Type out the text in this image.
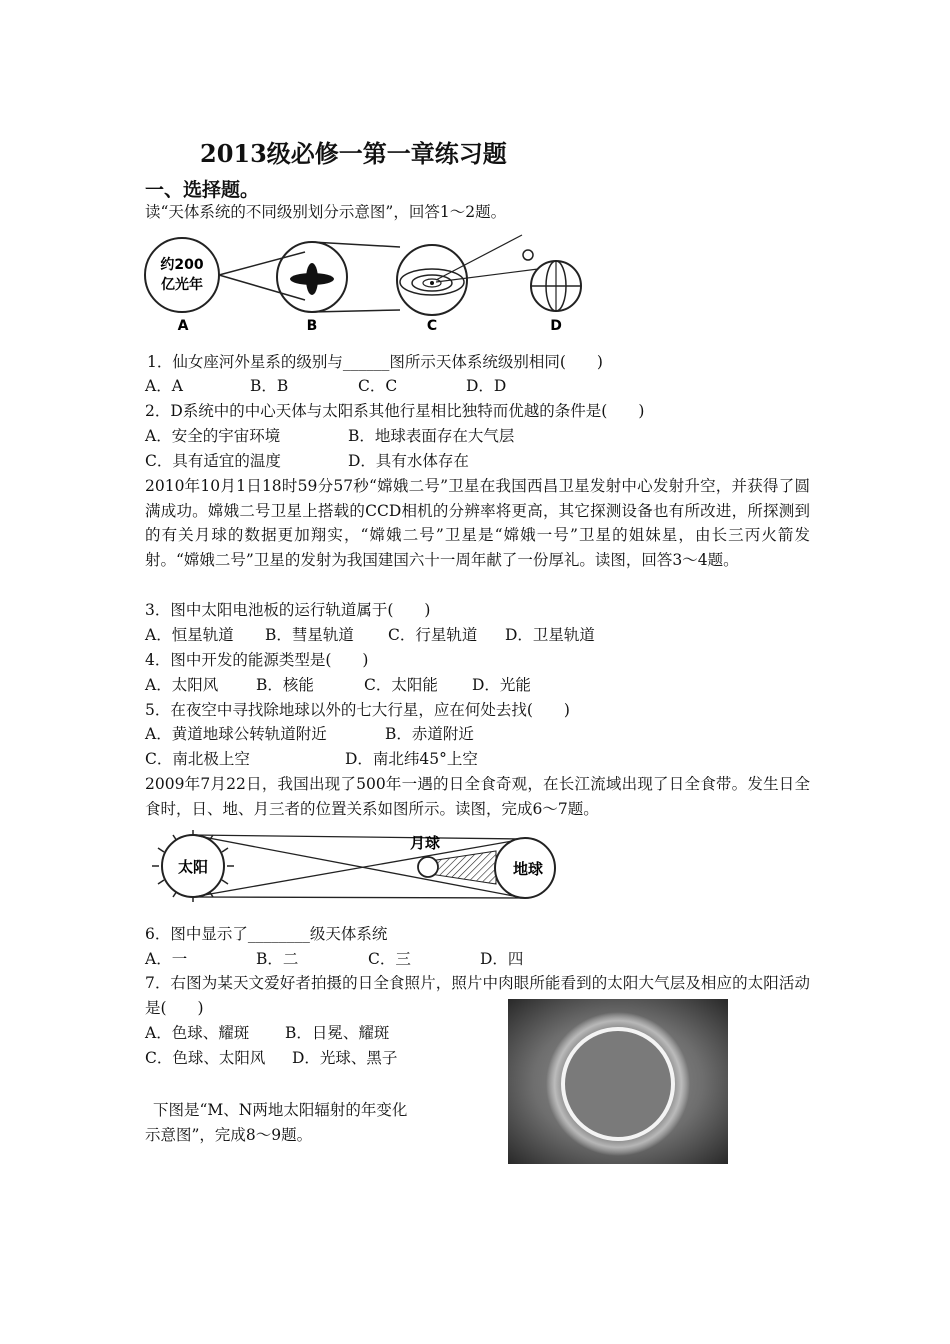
2013级必修一第一章练习题
一、选择题。
读“天体系统的不同级别划分示意图”，回答1～2题。
约200
亿光年
A	B	C	D
1．仙女座河外星系的级别与______图所示天体系统级别相同(　　)
A．A	B．B	C．C	D．D
2．D系统中的中心天体与太阳系其他行星相比独特而优越的条件是(　　)
A．安全的宇宙环境	B．地球表面存在大气层
C．具有适宜的温度	D．具有水体存在
2010年10月1日18时59分57秒“嫦娥二号”卫星在我国西昌卫星发射中心发射升空，并获得了圆满成功。嫦娥二号卫星上搭载的CCD相机的分辨率将更高，其它探测设备也有所改进，所探测到的有关月球的数据更加翔实，“嫦娥二号”卫星是“嫦娥一号”卫星的姐妹星，由长三丙火箭发射。“嫦娥二号”卫星的发射为我国建国六十一周年献了一份厚礼。读图，回答3～4题。
3．图中太阳电池板的运行轨道属于(　　)
A．恒星轨道 B．彗星轨道 C．行星轨道 D．卫星轨道
4．图中开发的能源类型是(　　)
A．太阳风 B．核能	C．太阳能 D．光能
5．在夜空中寻找除地球以外的七大行星，应在何处去找(　　)
A．黄道地球公转轨道附近	B．赤道附近
C．南北极上空	D．南北纬45°上空
2009年7月22日，我国出现了500年一遇的日全食奇观，在长江流域出现了日全食带。发生日全食时，日、地、月三者的位置关系如图所示。读图，完成6～7题。
太阳
月球
地球
6．图中显示了________级天体系统
A．一	B．二	C．三	D．四
7．右图为某天文爱好者拍摄的日全食照片，照片中肉眼所能看到的太阳大气层及相应的太阳活动是(　　)
A．色球、耀斑 B．日冕、耀斑
C．色球、太阳风 D．光球、黑子
下图是“M、N两地太阳辐射的年变化
示意图”，完成8～9题。
